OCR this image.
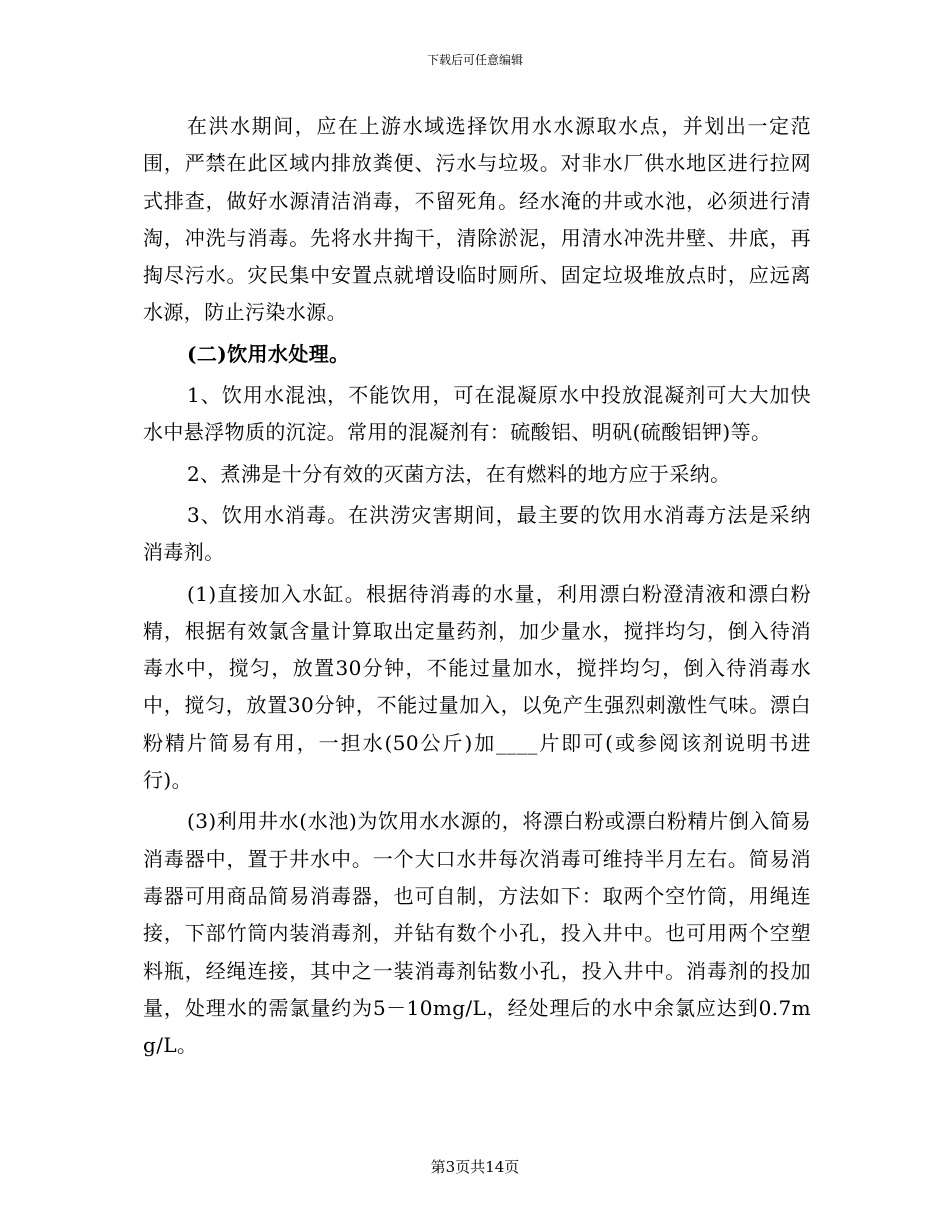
下载后可任意编辑

在洪水期间，应在上游水域选择饮用水水源取水点，并划出一定范围，严禁在此区域内排放粪便、污水与垃圾。对非水厂供水地区进行拉网式排查，做好水源清洁消毒，不留死角。经水淹的井或水池，必须进行清淘，冲洗与消毒。先将水井掏干，清除淤泥，用清水冲洗井壁、井底，再掏尽污水。灾民集中安置点就增设临时厕所、固定垃圾堆放点时，应远离水源，防止污染水源。

(二)饮用水处理。

1、饮用水混浊，不能饮用，可在混凝原水中投放混凝剂可大大加快水中悬浮物质的沉淀。常用的混凝剂有：硫酸铝、明矾(硫酸铝钾)等。

2、煮沸是十分有效的灭菌方法，在有燃料的地方应于采纳。

3、饮用水消毒。在洪涝灾害期间，最主要的饮用水消毒方法是采纳消毒剂。

(1)直接加入水缸。根据待消毒的水量，利用漂白粉澄清液和漂白粉精，根据有效氯含量计算取出定量药剂，加少量水，搅拌均匀，倒入待消毒水中，搅匀，放置30分钟，不能过量加水，搅拌均匀，倒入待消毒水中，搅匀，放置30分钟，不能过量加入，以免产生强烈刺激性气味。漂白粉精片简易有用，一担水(50公斤)加____片即可(或参阅该剂说明书进行)。

(3)利用井水(水池)为饮用水水源的，将漂白粉或漂白粉精片倒入简易消毒器中，置于井水中。一个大口水井每次消毒可维持半月左右。简易消毒器可用商品简易消毒器，也可自制，方法如下：取两个空竹筒，用绳连接，下部竹筒内装消毒剂，并钻有数个小孔，投入井中。也可用两个空塑料瓶，经绳连接，其中之一装消毒剂钻数小孔，投入井中。消毒剂的投加量，处理水的需氯量约为5－10mg/L，经处理后的水中余氯应达到0.7mg/L。

第3页共14页
